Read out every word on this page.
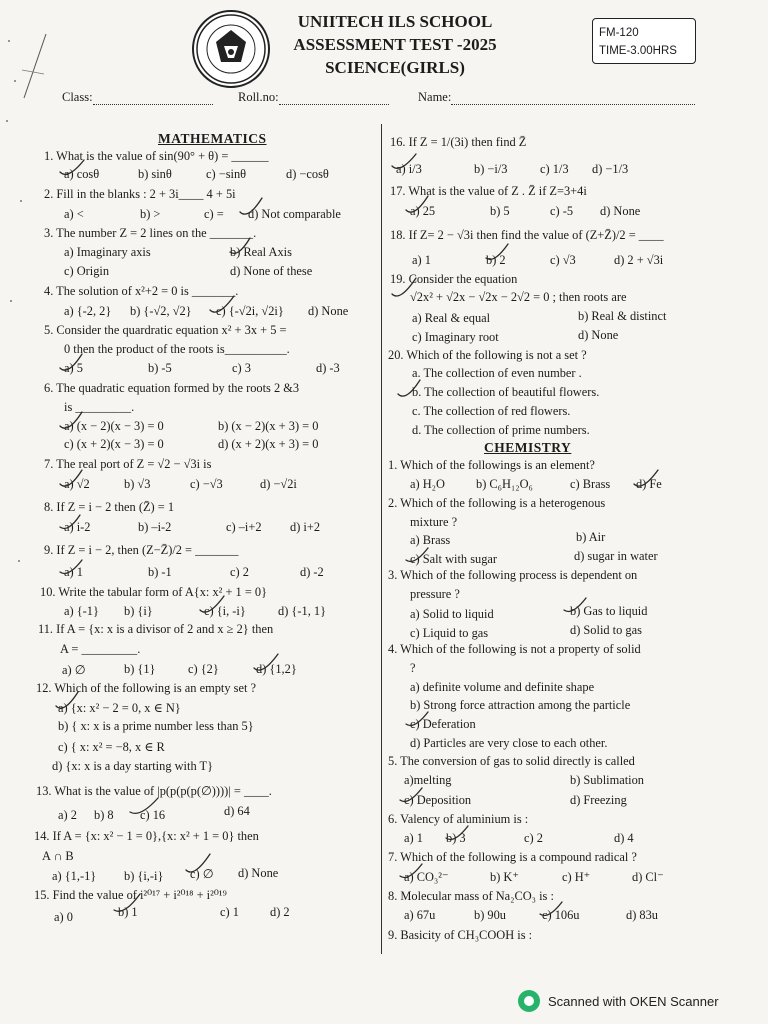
UNIITECH ILS SCHOOL
ASSESSMENT TEST -2025
SCIENCE(GIRLS)
FM-120
TIME-3.00HRS
Class:	Roll.no:	Name:
MATHEMATICS
1. What is the value of sin(90° + θ) = ______
a) cosθ	b) sinθ	c) −sinθ	d) −cosθ
2. Fill in the blanks : 2 + 3i____ 4 + 5i
a) <	b) >	c) = d) Not comparable
3. The number Z = 2 lines on the _______.
a) Imaginary axis	b) Real Axis
c) Origin	d) None of these
4. The solution of x²+2 = 0 is _______.
a) {-2, 2} b) {-√2, √2} c) {-√2i, √2i} d) None
5. Consider the quardratic equation x² + 3x + 5 =
0 then the product of the roots is__________.
a) 5	b) -5	c) 3	d) -3
6. The quadratic equation formed by the roots 2 &3
is _________.
a) (x − 2)(x − 3) = 0	b) (x − 2)(x + 3) = 0
c) (x + 2)(x − 3) = 0	d) (x + 2)(x + 3) = 0
7. The real port of Z = √2 − √3i is
a) √2	b) √3	c) −√3	d) −√2i
8. If Z = i − 2 then (Z̄) = 1
a) i-2	b) –i-2	c) –i+2 d) i+2
9. If Z = i − 2, then (Z−Z̄)/2 = _______
a) 1	b) -1	c) 2	d) -2
10. Write the tabular form of A{x: x² + 1 = 0}
a) {-1} b) {i}	c) {i, -i}	d) {-1, 1}
11. If A = {x: x is a divisor of 2 and x ≥ 2} then
A = _________.
a) ∅	b) {1}	c) {2}	d) {1,2}
12. Which of the following is an empty set ?
a) {x: x² − 2 = 0, x ∈ N}
b) { x: x is a prime number less than 5}
c) { x: x² = −8, x ∈ R
d) {x: x is a day starting with T}
13. What is the value of |p(p(p(p(∅))))| = ____.
a) 2 b) 8 c) 16	d) 64
14. If A = {x: x² − 1 = 0},{x: x² + 1 = 0} then
A ∩ B
a) {1,-1} b) {i,-i} c) ∅ d) None
15. Find the value of i²⁰¹⁷ + i²⁰¹⁸ + i²⁰¹⁹
a) 0	b) 1	c) 1	d) 2
16. If Z = 1/(3i) then find Z̄
a) i/3	b) −i/3	c) 1/3 d) −1/3
17. What is the value of Z . Z̄ if Z=3+4i
a) 25	b) 5	c) -5 d) None
18. If Z= 2 − √3i then find the value of (Z+Z̄)/2 = ____
a) 1	b) 2	c) √3	d) 2 + √3i
19. Consider the equation
√2x² + √2x − √2x − 2√2 = 0 ; then roots are
a) Real & equal	b) Real & distinct
c) Imaginary root	d) None
20. Which of the following is not a set ?
a. The collection of even number .
b. The collection of beautiful flowers.
c. The collection of red flowers.
d. The collection of prime numbers.
CHEMISTRY
1. Which of the followings is an element?
a) H₂O	b) C₆H₁₂O₆	c) Brass d) Fe
2. Which of the following is a heterogenous
mixture ?
a) Brass	b) Air
c) Salt with sugar	d) sugar in water
3. Which of the following process is dependent on
pressure ?
a) Solid to liquid	b) Gas to liquid
c) Liquid to gas	d) Solid to gas
4. Which of the following is not a property of solid
?
a) definite volume and definite shape
b) Strong force attraction among the particle
c) Deferation
d) Particles are very close to each other.
5. The conversion of gas to solid directly is called
a)melting	b) Sublimation
c) Deposition	d) Freezing
6. Valency of aluminium is :
a) 1 b) 3	c) 2	d) 4
7. Which of the following is a compound radical ?
a) CO₃²⁻	b) K⁺	c) H⁺	d) Cl⁻
8. Molecular mass of Na₂CO₃ is :
a) 67u	b) 90u	c) 106u	d) 83u
9. Basicity of CH₃COOH is :
Scanned with OKEN Scanner
